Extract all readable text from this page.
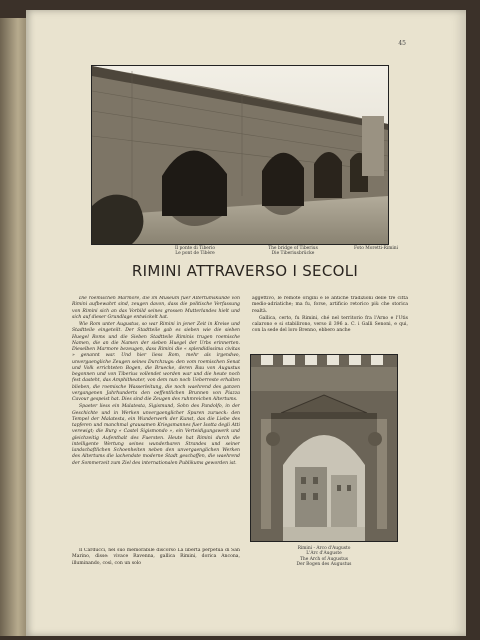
45
Il ponte di Tiberio
Le pont de Tibère
The bridge of Tiberius
Die Tiberiusbrücke
Foto Moretti-Rimini
RIMINI ATTRAVERSO I SECOLI

Die roemischen Marmore, die im Museum fuer Altertumskunde von Rimini aufbewahrt sind, zeugen davon, dass die politische Verfassung von Rimini sich an das Vorbild seines grossen Mutterlandes hielt und sich auf dieser Grundlage entwickelt hat.

Wie Rom unter Augustus, so war Rimini in jener Zeit in Kreise und Stadtteile eingeteilt. Der Stadtteile gab es sieben wie die sieben Huegel Roms und die Sieben Stadtteile Riminis trugen roemische Namen, die an die Namen der sieben Huegel der Urbs erinnerten. Dieselben Marmore bezeugen, dass Rimini die « splendidissima civitas » genannt war. Und hier liess Rom, mehr als irgendwo, unvergaengliche Zeugen seines Durchzugs: den vom roemischen Senat und Volk errichteten Bogen, die Bruecke, deren Bau von Augustus begonnen und von Tiberius vollendet worden war und die heute noch fest dasteht, das Amphitheater, von dem nun noch Ueberreste erhalten blieben, die roemische Wasserleitung, die noch waehrend des ganzen vergangenen Jahrhunderts den oeffentlichen Brunnen von Piazza Cavour gespeist hat. Dies sind die Zeugen des ruhmreichen Altertums.

Spaeter liess ein Malatesta, Sigismund, Sohn des Pandolfo, in der Geschichte und in Werken unvergaenglicher Spuren zurueck: den Tempel der Malatesta, ein Wunderwerk der Kunst, das die Liebe des tapferen und manchmal grausamen Kriegsmannes fuer Isotta degli Atti verewigt; die Burg « Castel Sigismondo », ein Verteidigungswerk und gleichzeitig Aufenthalt des Fuersten. Heute hat Rimini durch die intelligente Wertung seines wunderbaren Strandes und seiner landschaftlichen Schoenheiten neben den unvergaenglichen Werken des Altertums die lachendste moderne Stadt geschaffen, die waehrend der Sommerzeit zum Ziel des internationalen Publikums geworden ist.

Il Carducci, nel suo memorabile discorso La libertà perpetua di San Marino, disse: vivace Ravenna, gallica Rimini, dorica Ancona, illuminando, così, con un solo

aggettivo, le remote origini e le antiche tradizioni delle tre città medio-adriatiche; ma fu, forse, artificio retorico più che storica realtà.

Gallica, certo, fu Rimini, ché nel territorio fra l'Arno e l'Utis calarono e si stabilirono, verso il 396 a. C. i Galli Senoni, e qui, con la sede del loro Brenno, ebbero anche

Rimini - Arco d'Augusto
L'Arc d'Auguste
The Arch of Augustus
Der Bogen des Augustus
